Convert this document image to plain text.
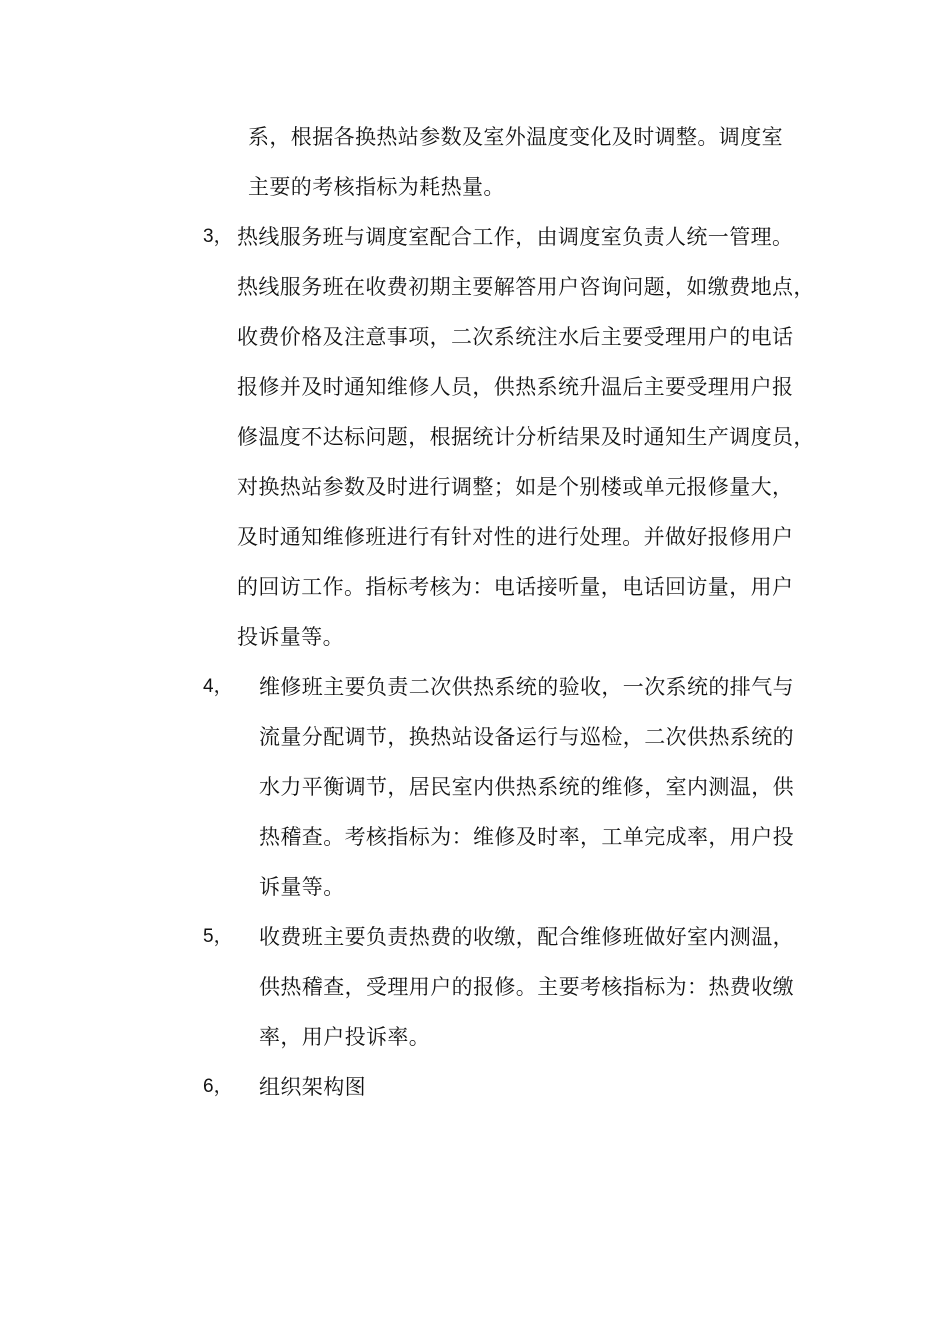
系，根据各换热站参数及室外温度变化及时调整。调度室
主要的考核指标为耗热量。
3， 热线服务班与调度室配合工作，由调度室负责人统一管理。
热线服务班在收费初期主要解答用户咨询问题，如缴费地点，
收费价格及注意事项，二次系统注水后主要受理用户的电话
报修并及时通知维修人员，供热系统升温后主要受理用户报
修温度不达标问题，根据统计分析结果及时通知生产调度员，
对换热站参数及时进行调整；如是个别楼或单元报修量大，
及时通知维修班进行有针对性的进行处理。并做好报修用户
的回访工作。指标考核为：电话接听量，电话回访量，用户
投诉量等。
4， 维修班主要负责二次供热系统的验收，一次系统的排气与
流量分配调节，换热站设备运行与巡检，二次供热系统的
水力平衡调节，居民室内供热系统的维修，室内测温，供
热稽查。考核指标为：维修及时率，工单完成率，用户投
诉量等。
5， 收费班主要负责热费的收缴，配合维修班做好室内测温，
供热稽查，受理用户的报修。主要考核指标为：热费收缴
率，用户投诉率。
6， 组织架构图
